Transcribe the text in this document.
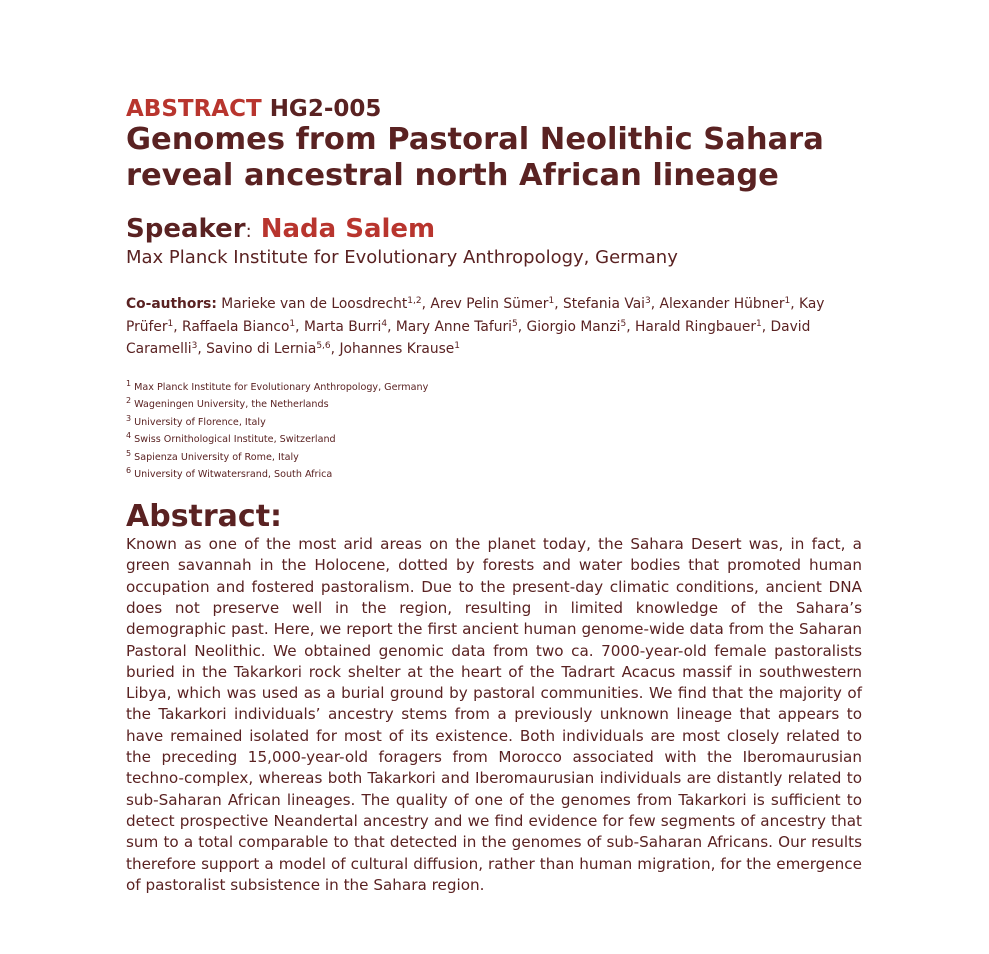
ABSTRACT HG2-005
Genomes from Pastoral Neolithic Sahara reveal ancestral north African lineage
Speaker: Nada Salem

Max Planck Institute for Evolutionary Anthropology, Germany

Co-authors: Marieke van de Loosdrecht$^{1,2}$, Arev Pelin Sümer$^1$, Stefania Vai$^3$, Alexander Hübner$^1$, Kay Prüfer$^1$, Raffaela Bianco$^1$, Marta Burri$^4$, Mary Anne Tafuri$^5$, Giorgio Manzi$^5$, Harald Ringbauer$^1$, David Caramelli$^3$, Savino di Lernia$^{5,6}$, Johannes Krause$^1$
$^1$ Max Planck Institute for Evolutionary Anthropology, Germany
$^2$ Wageningen University, the Netherlands
$^3$ University of Florence, Italy
$^4$ Swiss Ornithological Institute, Switzerland
$^5$ Sapienza University of Rome, Italy
$^6$ University of Witwatersrand, South Africa
Abstract:
Known as one of the most arid areas on the planet today, the Sahara Desert was, in fact, a green savannah in the Holocene, dotted by forests and water bodies that promoted human occupation and fostered pastoralism. Due to the present-day climatic conditions, ancient DNA does not preserve well in the region, resulting in limited knowledge of the Sahara’s demographic past. Here, we report the first ancient human genome-wide data from the Saharan Pastoral Neolithic. We obtained genomic data from two ca. 7000-year-old female pastoralists buried in the Takarkori rock shelter at the heart of the Tadrart Acacus massif in southwestern Libya, which was used as a burial ground by pastoral communities. We find that the majority of the Takarkori individuals’ ancestry stems from a previously unknown lineage that appears to have remained isolated for most of its existence. Both individuals are most closely related to the preceding 15,000-year-old foragers from Morocco associated with the Iberomaurusian techno-complex, whereas both Takarkori and Iberomaurusian individuals are distantly related to sub-Saharan African lineages. The quality of one of the genomes from Takarkori is sufficient to detect prospective Neandertal ancestry and we find evidence for few segments of ancestry that sum to a total comparable to that detected in the genomes of sub-Saharan Africans. Our results therefore support a model of cultural diffusion, rather than human migration, for the emergence of pastoralist subsistence in the Sahara region.
